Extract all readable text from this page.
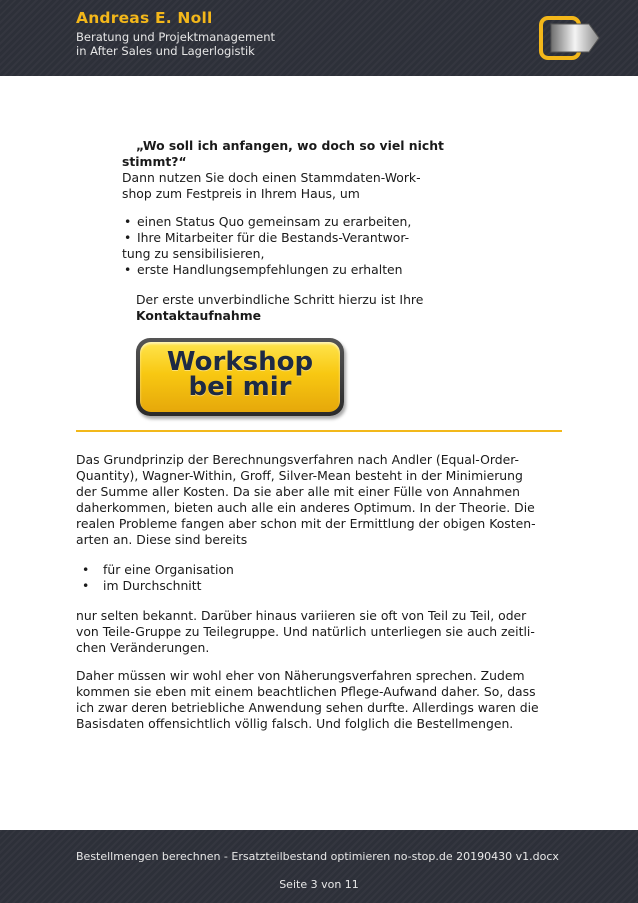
Andreas E. Noll
Beratung und Projektmanagement
in After Sales und Lagerlogistik
„Wo soll ich anfangen, wo doch so viel nicht
stimmt?“
Dann nutzen Sie doch einen Stammdaten-Work-
shop zum Festpreis in Ihrem Haus, um
• einen Status Quo gemeinsam zu erarbeiten,
• Ihre Mitarbeiter für die Bestands-Verantwor-
tung zu sensibilisieren,
• erste Handlungsempfehlungen zu erhalten
Der erste unverbindliche Schritt hierzu ist Ihre
Kontaktaufnahme
Workshop
bei mir
Das Grundprinzip der Berechnungsverfahren nach Andler (Equal-Order-
Quantity), Wagner-Within, Groff, Silver-Mean besteht in der Minimierung
der Summe aller Kosten. Da sie aber alle mit einer Fülle von Annahmen
daherkommen, bieten auch alle ein anderes Optimum. In der Theorie. Die
realen Probleme fangen aber schon mit der Ermittlung der obigen Kosten-
arten an. Diese sind bereits
• für eine Organisation
• im Durchschnitt
nur selten bekannt. Darüber hinaus variieren sie oft von Teil zu Teil, oder
von Teile-Gruppe zu Teilegruppe. Und natürlich unterliegen sie auch zeitli-
chen Veränderungen.
Daher müssen wir wohl eher von Näherungsverfahren sprechen. Zudem
kommen sie eben mit einem beachtlichen Pflege-Aufwand daher. So, dass
ich zwar deren betriebliche Anwendung sehen durfte. Allerdings waren die
Basisdaten offensichtlich völlig falsch. Und folglich die Bestellmengen.
Bestellmengen berechnen - Ersatzteilbestand optimieren no-stop.de 20190430 v1.docx
Seite 3 von 11
